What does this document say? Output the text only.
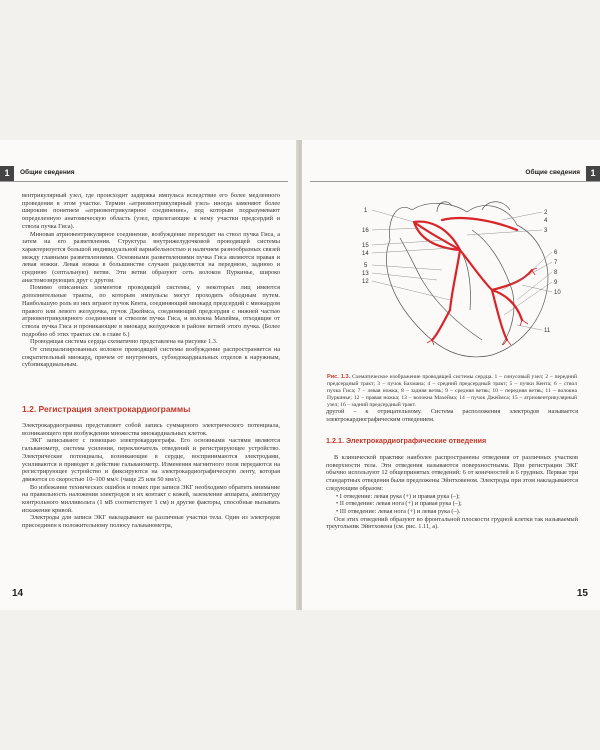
1	Общие сведения

вентрикулярный узел, где происходит задержка импульса вследствие его более медленного проведения в этом участке. Термин «атриовентрикулярный узел» иногда заменяют более широким понятием «атриовентрикулярное соединение», под которым подразумевают определенную анатомическую область (узел, прилегающие к нему участки предсердий и ствола пучка Гиса).

Миновав атриовентрикулярное соединение, возбуждение переходит на ствол пучка Гиса, а затем на его разветвления. Структура внутрижелудочковой проводящей системы характеризуется большой индивидуальной вариабельностью и наличием разнообразных связей между главными разветвлениями. Основными разветвлениями пучка Гиса являются правая и левая ножки. Левая ножка в большинстве случаев разделяется на переднюю, заднюю и среднюю (септальную) ветви. Эти ветви образуют сеть волокон Пуркинье, широко анастомозирующих друг с другом.

Помимо описанных элементов проводящей системы, у некоторых лиц имеются дополнительные тракты, по которым импульсы могут проходить обходным путем. Наибольшую роль из них играют пучок Кента, соединяющий миокард предсердий с миокардом правого или левого желудочка, пучок Джеймса, соединяющий предсердия с нижней частью атриовентрикулярного соединения и стволом пучка Гиса, и волокна Махейма, отходящие от ствола пучка Гиса и проникающие в миокард желудочков в районе ветвей этого пучка. (Более подробно об этих трактах см. в главе 6.)

Проводящая система сердца схематично представлена на рисунке 1.3.

От специализированных волокон проводящей системы возбуждение распространяется на сократительный миокард, причем от внутренних, субэндокардиальных отделов к наружным, субэпикардиальным.

1.2. Регистрация электрокардиограммы

Электрокардиограмма представляет собой запись суммарного электрического потенциала, возникающего при возбуждении множества миокардиальных клеток.

ЭКГ записывают с помощью электрокардиографа. Его основными частями являются гальванометр, система усиления, переключатель отведений и регистрирующее устройство. Электрические потенциалы, возникающие в сердце, воспринимаются электродами, усиливаются и приводят в действие гальванометр. Изменения магнитного поля передаются на регистрирующее устройство и фиксируются на электрокардиографическую ленту, которая движется со скоростью 10–100 мм/с (чаще 25 или 50 мм/с).

Во избежание технических ошибок и помех при записи ЭКГ необходимо обратить внимание на правильность наложения электродов и их контакт с кожей, заземление аппарата, амплитуду контрольного милливольта (1 мВ соответствует 1 см) и другие факторы, способные вызывать искажение кривой.

Электроды для записи ЭКГ накладывают на различные участки тела. Один из электродов присоединен к положительному полюсу гальванометра,

14
Общие сведения	1
1
16
15
14
5
13
12
2
3
6
7
8
9
10
11
4
Рис. 1.3. Схематическое изображение проводящей системы сердца. 1 – синусовый узел; 2 – передний предсердный тракт; 3 – пучок Бахмана; 4 – средний предсердный тракт; 5 – пучки Кента; 6 – ствол пучка Гиса; 7 – левая ножка; 8 – задняя ветвь; 9 – средняя ветвь; 10 – передняя ветвь; 11 – волокна Пуркинье; 12 – правая ножка; 13 – волокна Махейма; 14 – пучок Джеймса; 15 – атриовентрикулярный узел; 16 – задний предсердный тракт.

другой – к отрицательному. Система расположения электродов называется электрокардиографическим отведением.

1.2.1. Электрокардиографические отведения

В клинической практике наиболее распространены отведения от различных участков поверхности тела. Эти отведения называются поверхностными. При регистрации ЭКГ обычно используют 12 общепринятых отведений: 6 от конечностей и 6 грудных. Первые три стандартных отведения были предложены Эйнтховеном. Электроды при этом накладываются следующим образом:

• I отведение: левая рука (+) и правая рука (–);
• II отведение: левая нога (+) и правая рука (–);
• III отведение: левая нога (+) и левая рука (–).

Оси этих отведений образуют во фронтальной плоскости грудной клетки так называемый треугольник Эйнтховена (см. рис. 1.11, а).

15
